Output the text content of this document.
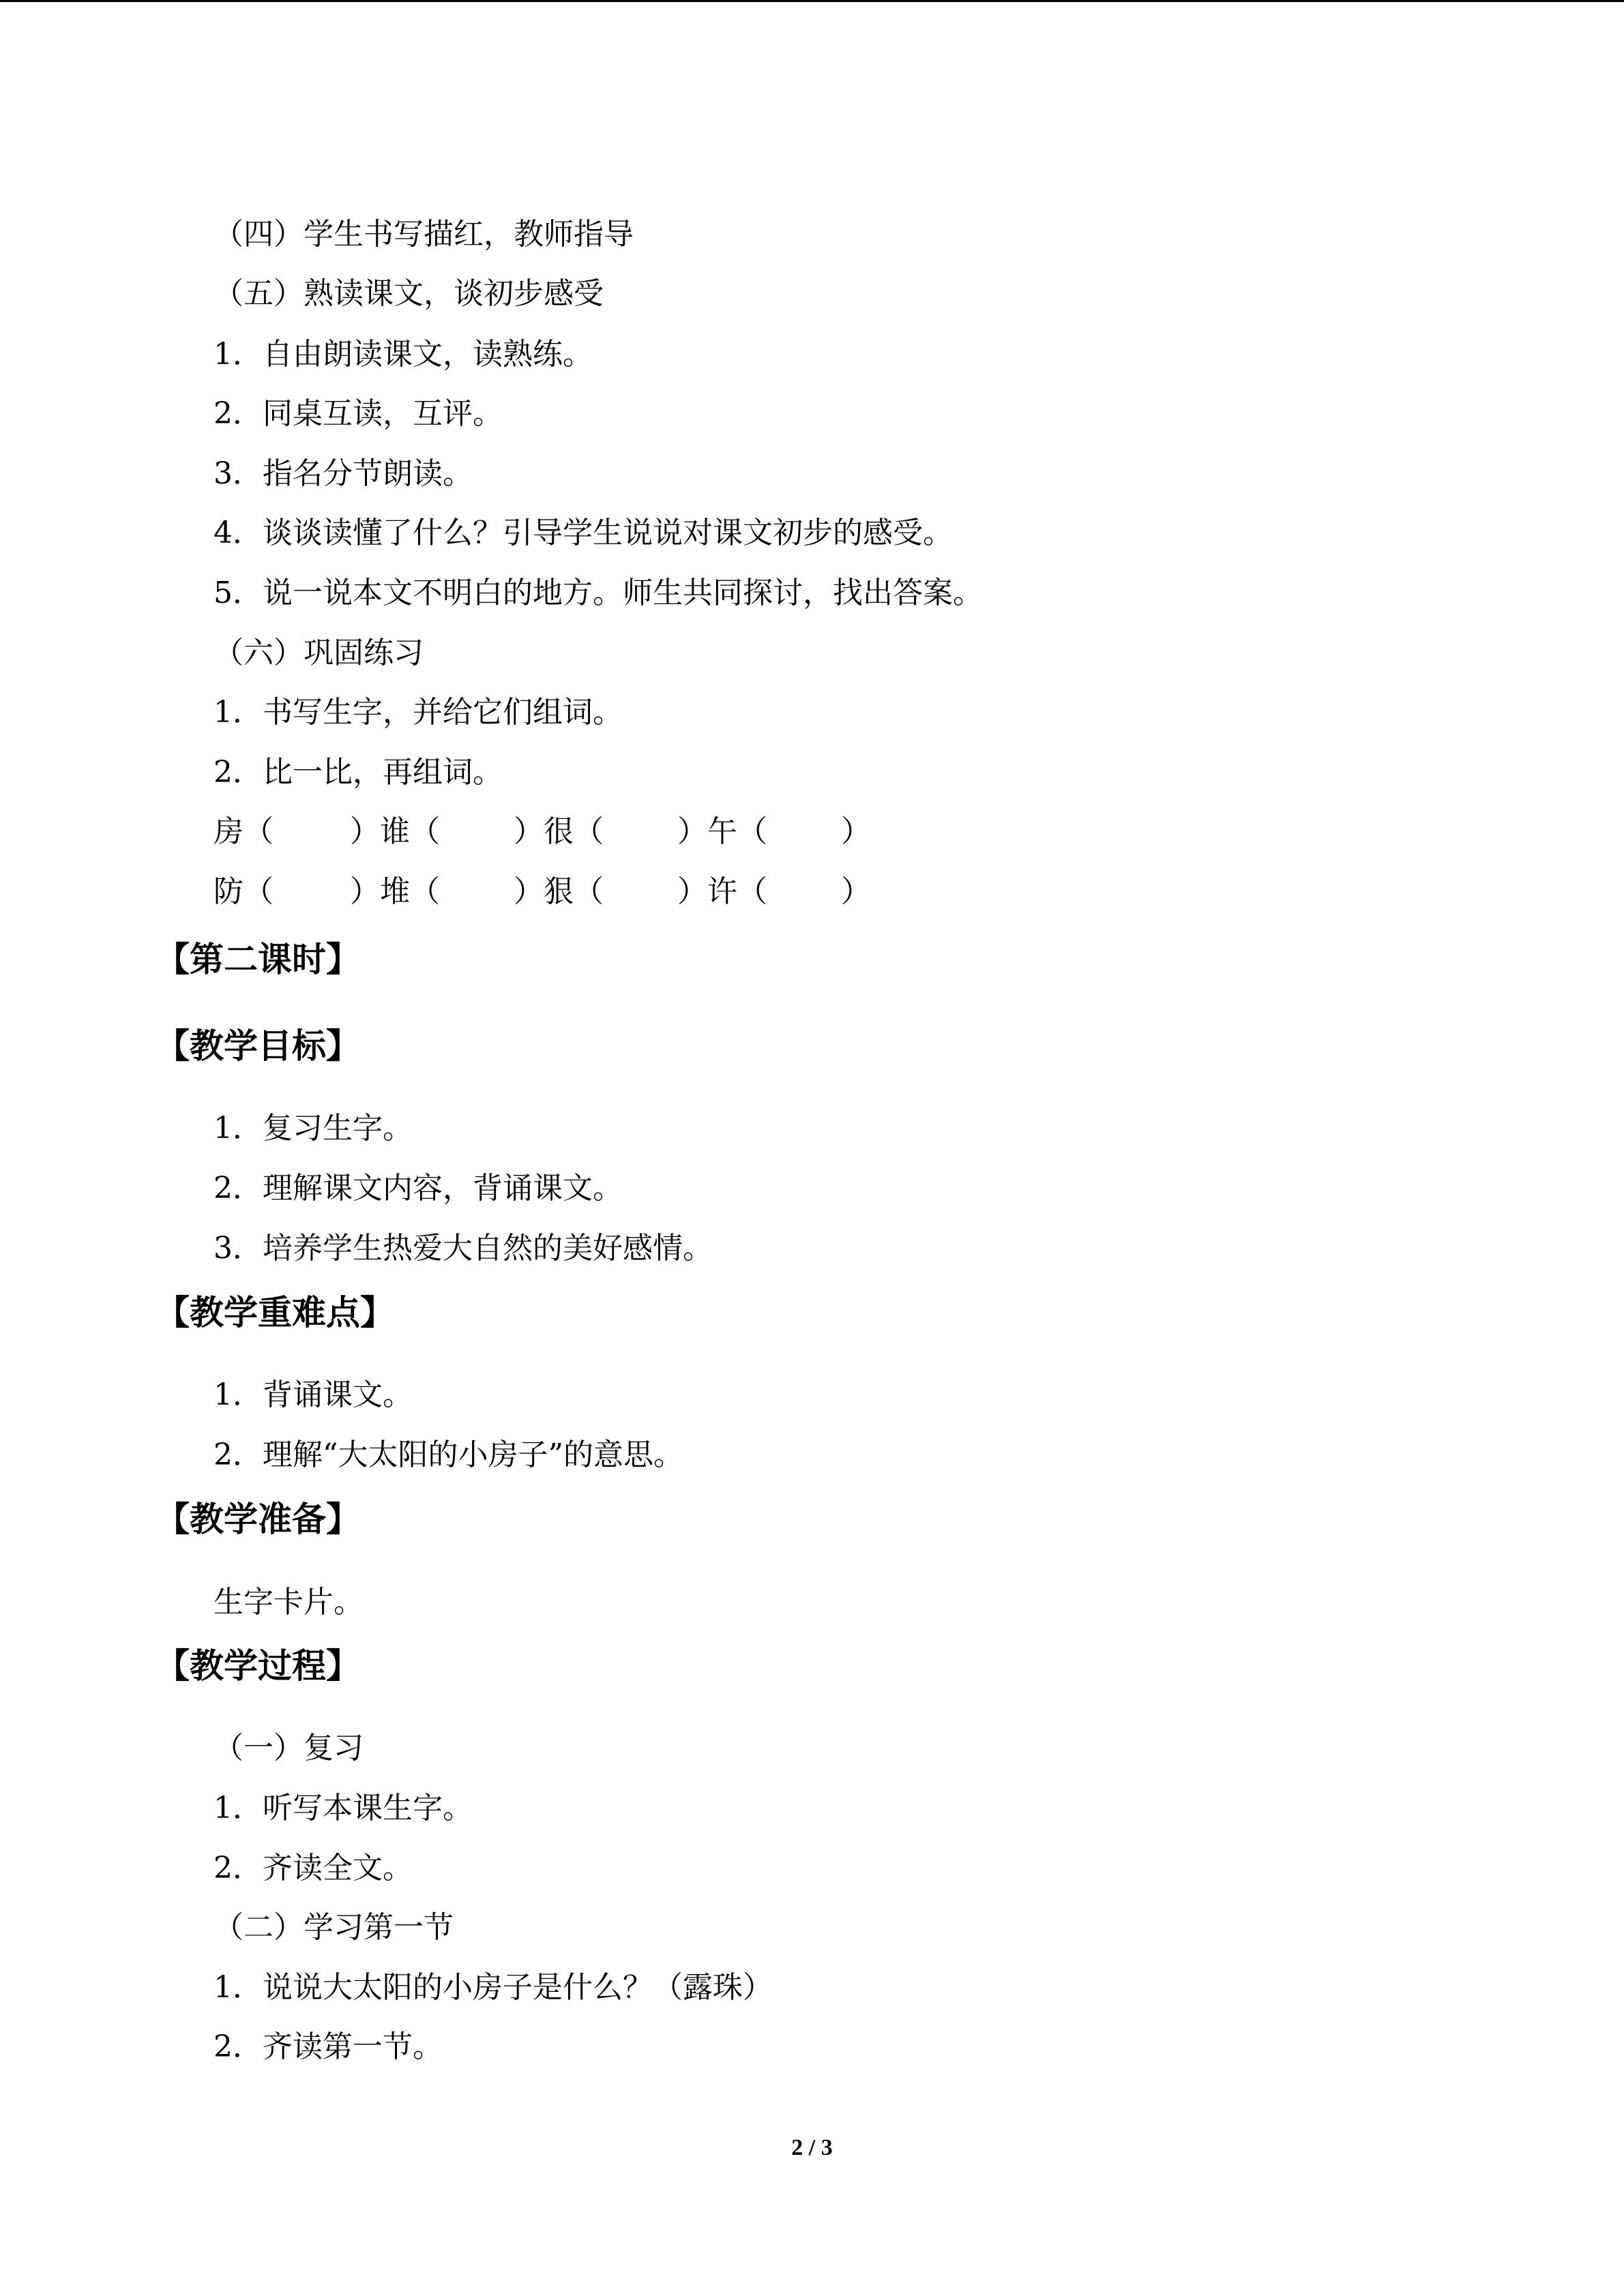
（四）学生书写描红，教师指导
（五）熟读课文，谈初步感受
1．自由朗读课文，读熟练。
2．同桌互读，互评。
3．指名分节朗读。
4．谈谈读懂了什么？引导学生说说对课文初步的感受。
5．说一说本文不明白的地方。师生共同探讨，找出答案。
（六）巩固练习
1．书写生字，并给它们组词。
2．比一比，再组词。
房（	）谁（ ）很（ ）午（ ）
防（	）堆（ ）狠（ ）许（ ）
【第二课时】
【教学目标】
1．复习生字。
2．理解课文内容，背诵课文。
3．培养学生热爱大自然的美好感情。
【教学重难点】
1．背诵课文。
2．理解“大太阳的小房子”的意思。
【教学准备】
生字卡片。
【教学过程】
（一）复习
1．听写本课生字。
2．齐读全文。
（二）学习第一节
1．说说大太阳的小房子是什么？（露珠）
2．齐读第一节。
2 / 3
